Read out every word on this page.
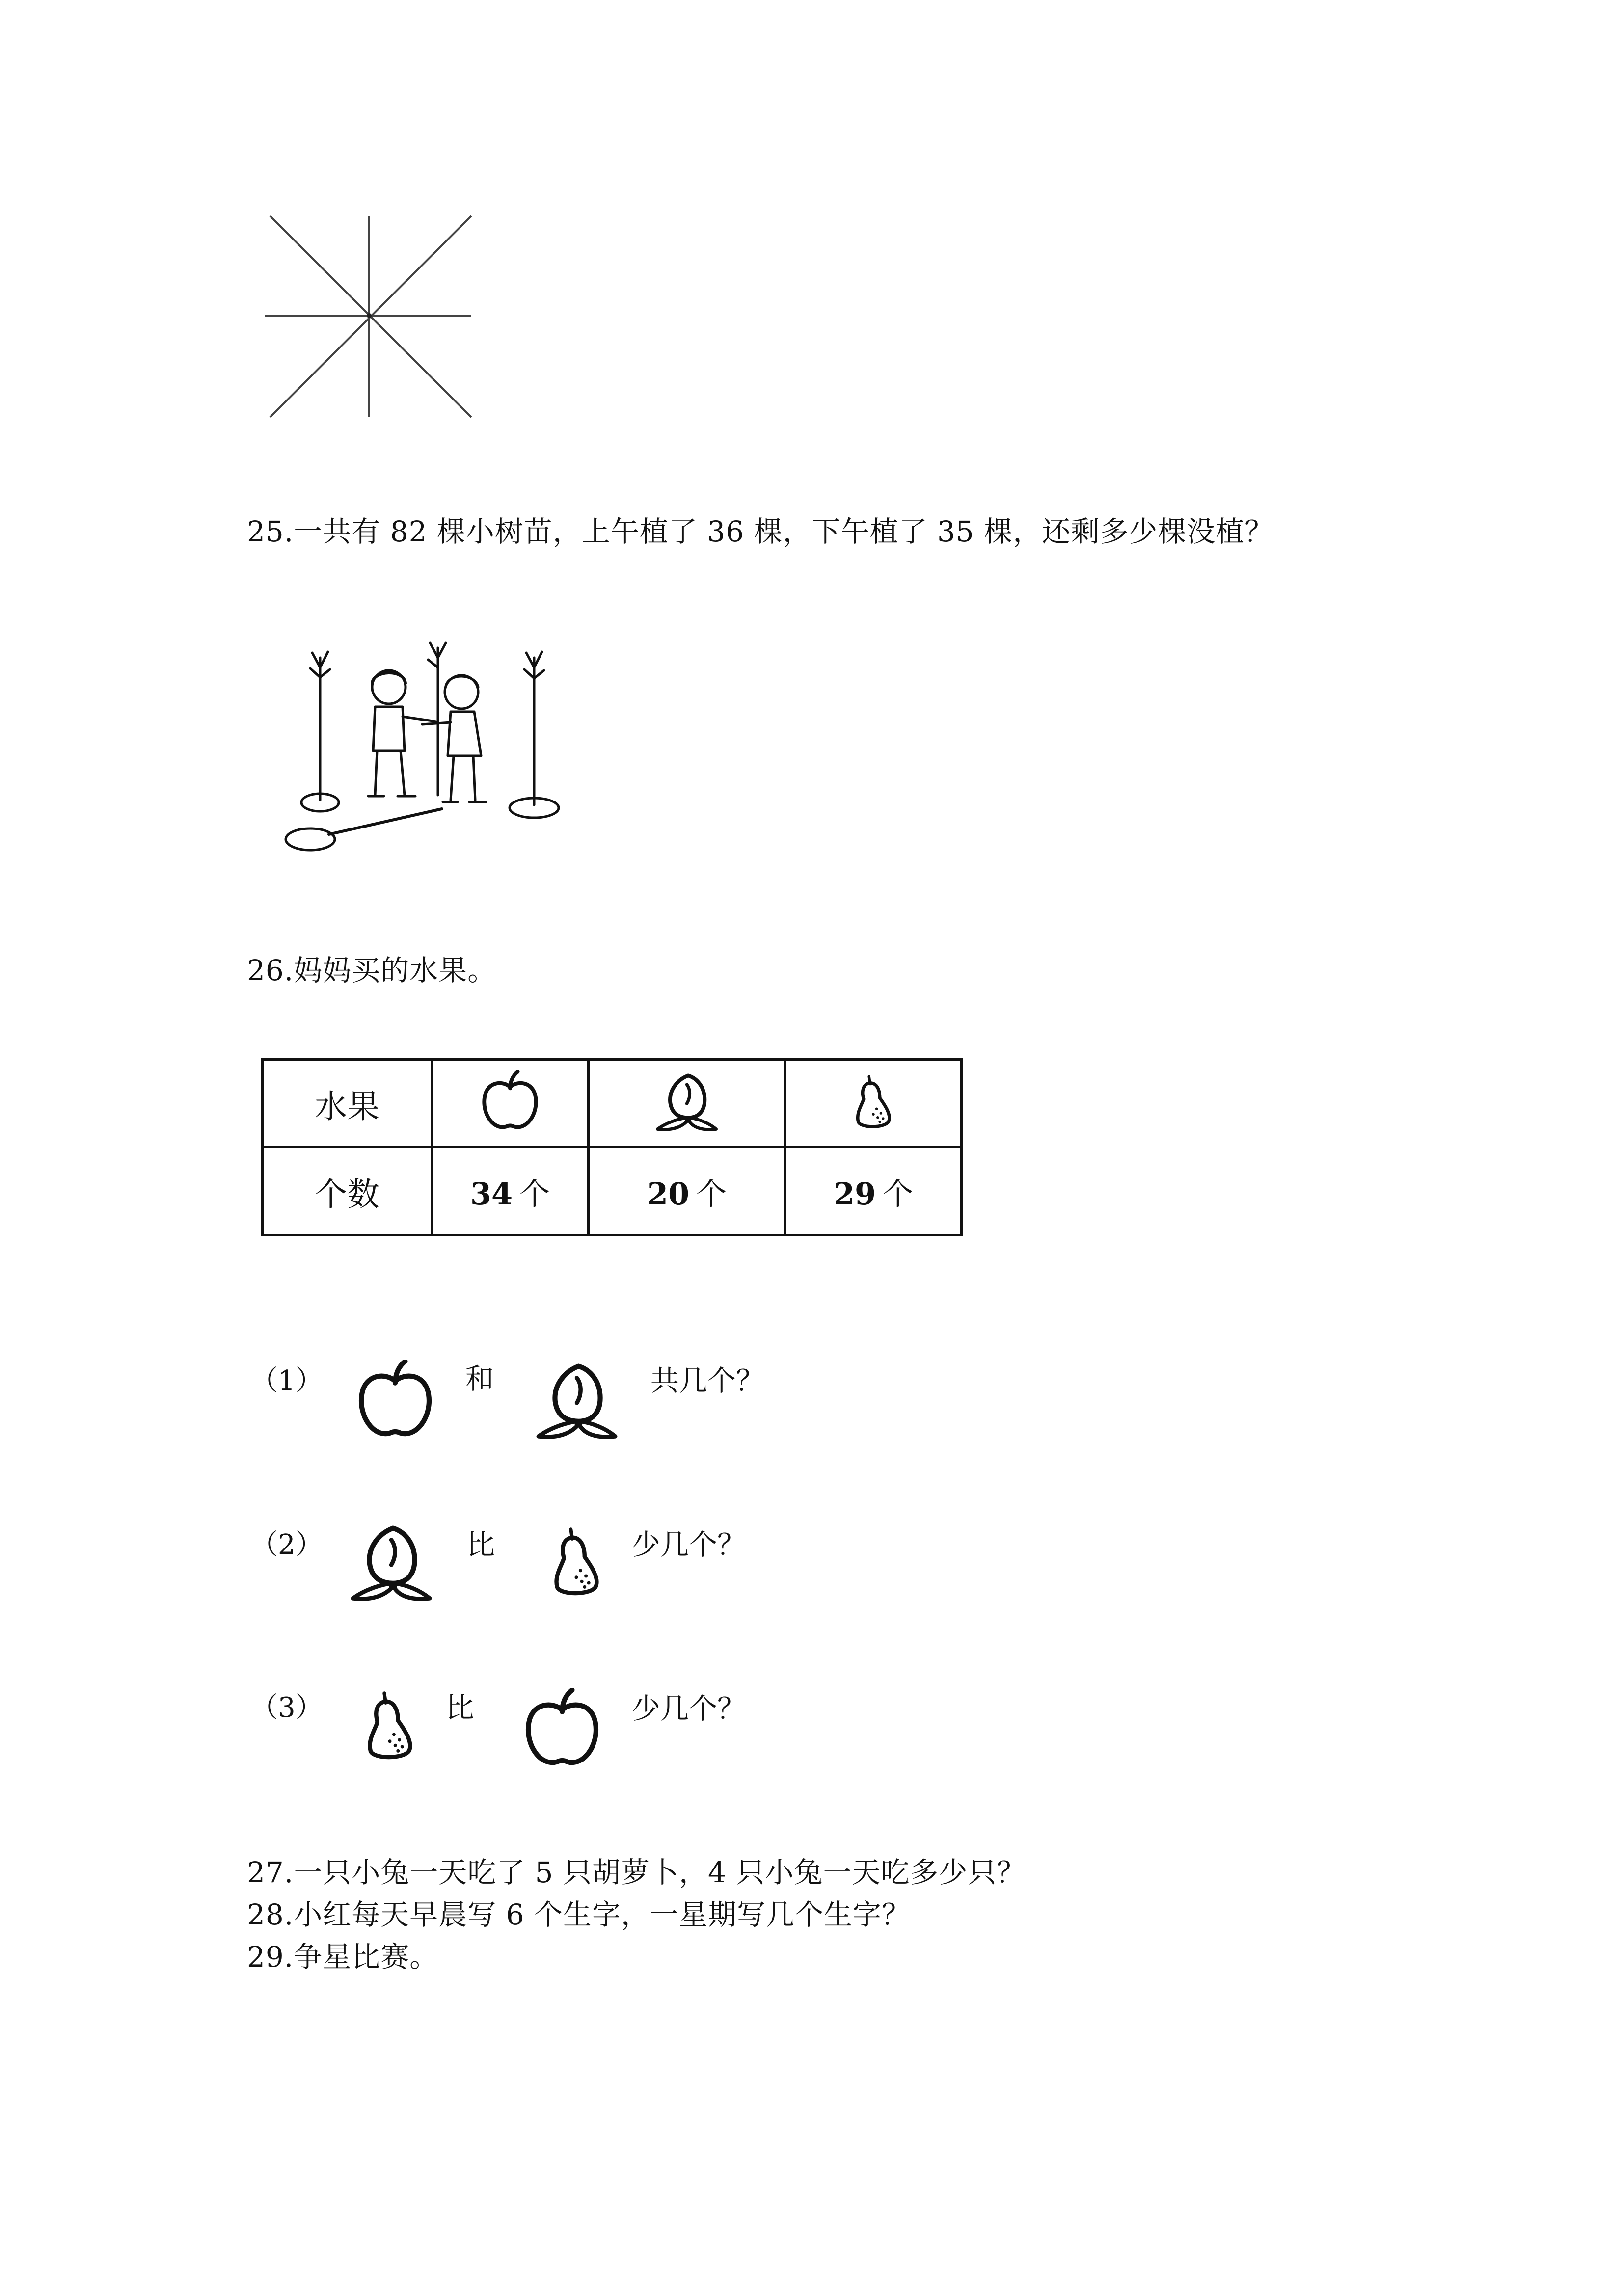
25.一共有 82 棵小树苗，上午植了 36 棵，下午植了 35 棵，还剩多少棵没植？
26.妈妈买的水果。
水果			
个数	34 个	20 个	29 个
（1）	和	共几个？
（2）	比	少几个？
（3）	比	少几个？
27.一只小兔一天吃了 5 只胡萝卜，4 只小兔一天吃多少只？
28.小红每天早晨写 6 个生字，一星期写几个生字？
29.争星比赛。
